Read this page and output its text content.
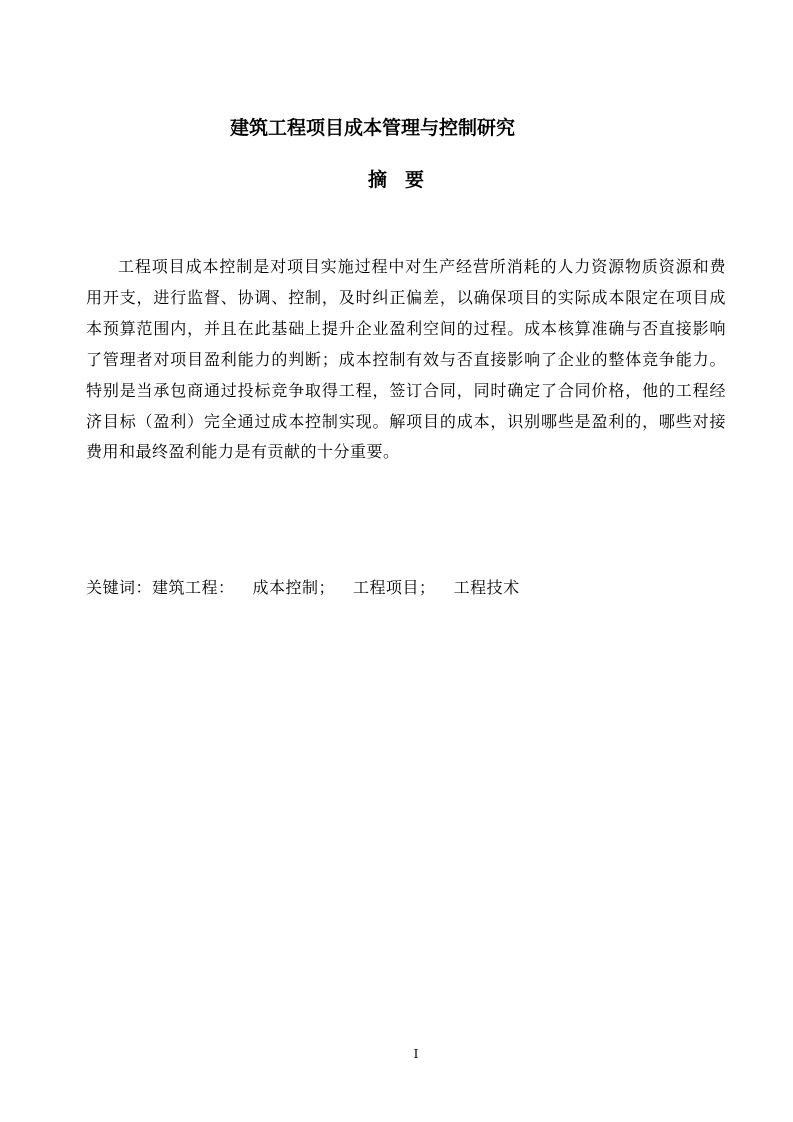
建筑工程项目成本管理与控制研究
摘要

工程项目成本控制是对项目实施过程中对生产经营所消耗的人力资源物质资源和费用开支，进行监督、协调、控制，及时纠正偏差，以确保项目的实际成本限定在项目成本预算范围内，并且在此基础上提升企业盈利空间的过程。成本核算准确与否直接影响了管理者对项目盈利能力的判断；成本控制有效与否直接影响了企业的整体竞争能力。特别是当承包商通过投标竞争取得工程，签订合同，同时确定了合同价格，他的工程经济目标（盈利）完全通过成本控制实现。解项目的成本，识别哪些是盈利的，哪些对接费用和最终盈利能力是有贡献的十分重要。

关键词：建筑工程： 成本控制； 工程项目； 工程技术

I
